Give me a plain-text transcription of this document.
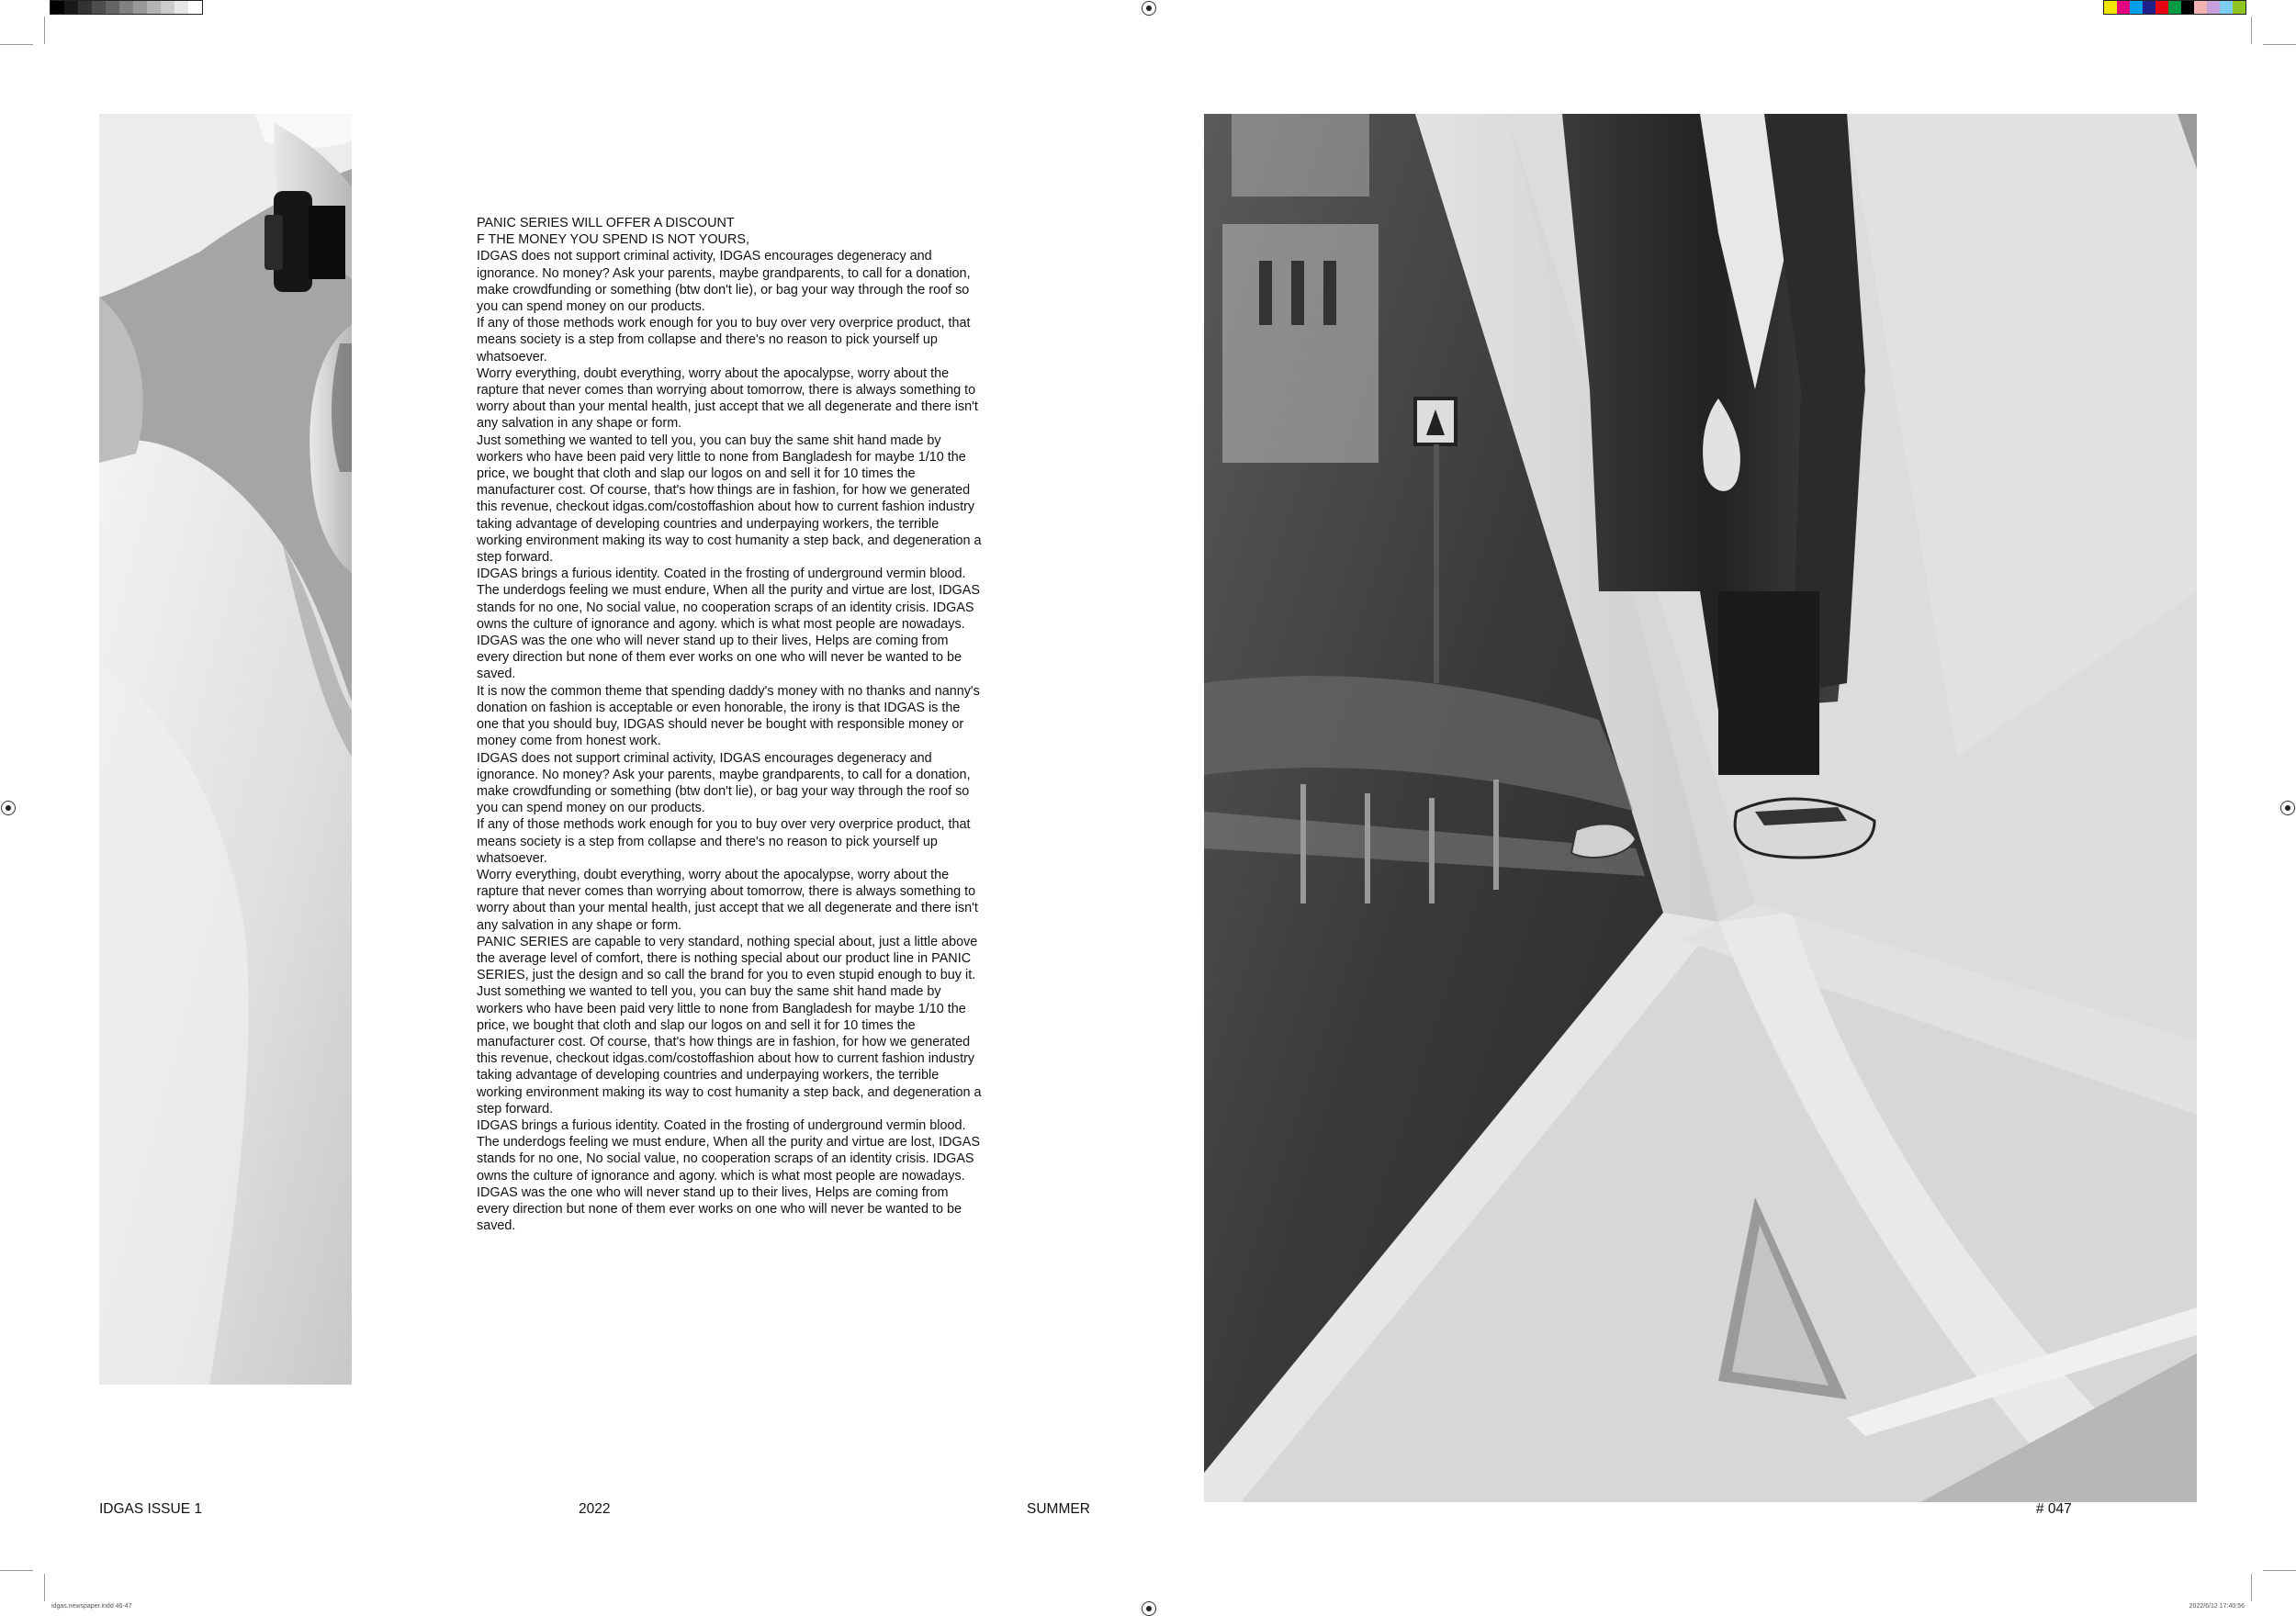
idgas.newspaper.indd 46-47	2022/6/12 17:40:56

PANIC SERIES WILL OFFER A DISCOUNT

F THE MONEY YOU SPEND IS NOT YOURS,

IDGAS does not support criminal activity, IDGAS encourages degeneracy and ignorance. No money? Ask your parents, maybe grandparents, to call for a donation, make crowdfunding or something (btw don't lie), or bag your way through the roof so you can spend money on our products.

If any of those methods work enough for you to buy over very overprice product, that means society is a step from collapse and there's no reason to pick yourself up whatsoever.

Worry everything, doubt everything, worry about the apocalypse, worry about the rapture that never comes than worrying about tomorrow, there is always something to worry about than your mental health, just accept that we all degenerate and there isn't any salvation in any shape or form.

Just something we wanted to tell you, you can buy the same shit hand made by workers who have been paid very little to none from Bangladesh for maybe 1/10 the price, we bought that cloth and slap our logos on and sell it for 10 times the manufacturer cost. Of course, that's how things are in fashion, for how we generated this revenue, checkout idgas.com/costoffashion about how to current fashion industry taking advantage of developing countries and underpaying workers, the terrible working environment making its way to cost humanity a step back, and degeneration a step forward.

IDGAS brings a furious identity. Coated in the frosting of underground vermin blood. The underdogs feeling we must endure, When all the purity and virtue are lost, IDGAS stands for no one, No social value, no cooperation scraps of an identity crisis. IDGAS owns the culture of ignorance and agony. which is what most people are nowadays.

IDGAS was the one who will never stand up to their lives, Helps are coming from every direction but none of them ever works on one who will never be wanted to be saved.

It is now the common theme that spending daddy's money with no thanks and nanny's donation on fashion is acceptable or even honorable, the irony is that IDGAS is the one that you should buy, IDGAS should never be bought with responsible money or money come from honest work.

IDGAS does not support criminal activity, IDGAS encourages degeneracy and ignorance. No money? Ask your parents, maybe grandparents, to call for a donation, make crowdfunding or something (btw don't lie), or bag your way through the roof so you can spend money on our products.

If any of those methods work enough for you to buy over very overprice product, that means society is a step from collapse and there's no reason to pick yourself up whatsoever.

Worry everything, doubt everything, worry about the apocalypse, worry about the rapture that never comes than worrying about tomorrow, there is always something to worry about than your mental health, just accept that we all degenerate and there isn't any salvation in any shape or form.

PANIC SERIES are capable to very standard, nothing special about, just a little above the average level of comfort, there is nothing special about our product line in PANIC SERIES, just the design and so call the brand for you to even stupid enough to buy it.

Just something we wanted to tell you, you can buy the same shit hand made by workers who have been paid very little to none from Bangladesh for maybe 1/10 the price, we bought that cloth and slap our logos on and sell it for 10 times the manufacturer cost. Of course, that's how things are in fashion, for how we generated this revenue, checkout idgas.com/costoffashion about how to current fashion industry taking advantage of developing countries and underpaying workers, the terrible working environment making its way to cost humanity a step back, and degeneration a step forward.

IDGAS brings a furious identity. Coated in the frosting of underground vermin blood. The underdogs feeling we must endure, When all the purity and virtue are lost, IDGAS stands for no one, No social value, no cooperation scraps of an identity crisis. IDGAS owns the culture of ignorance and agony. which is what most people are nowadays.

IDGAS was the one who will never stand up to their lives, Helps are coming from every direction but none of them ever works on one who will never be wanted to be saved.

IDGAS ISSUE 1	2022	SUMMER	# 047
